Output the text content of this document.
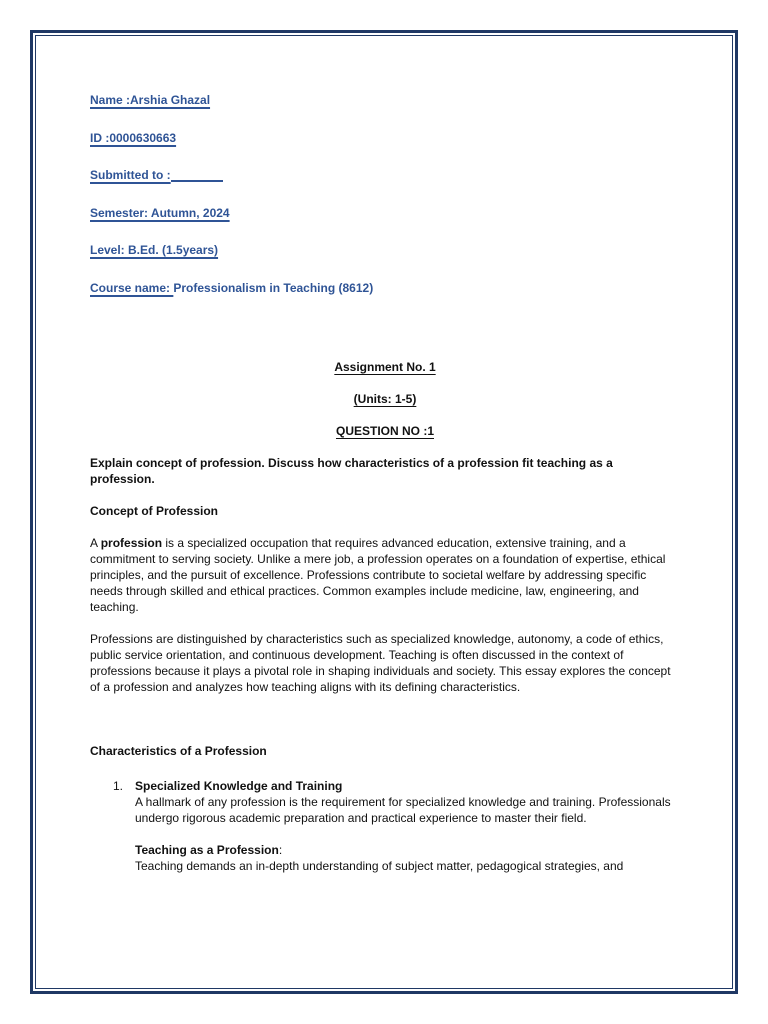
Name :Arshia Ghazal
ID :0000630663
Submitted to :
Semester: Autumn, 2024
Level: B.Ed. (1.5years)
Course name: Professionalism in Teaching (8612)
Assignment No. 1
(Units: 1-5)
QUESTION NO :1
Explain concept of profession. Discuss how characteristics of a profession fit teaching as a profession.
Concept of Profession

A profession is a specialized occupation that requires advanced education, extensive training, and a commitment to serving society. Unlike a mere job, a profession operates on a foundation of expertise, ethical principles, and the pursuit of excellence. Professions contribute to societal welfare by addressing specific needs through skilled and ethical practices. Common examples include medicine, law, engineering, and teaching.

Professions are distinguished by characteristics such as specialized knowledge, autonomy, a code of ethics, public service orientation, and continuous development. Teaching is often discussed in the context of professions because it plays a pivotal role in shaping individuals and society. This essay explores the concept of a profession and analyzes how teaching aligns with its defining characteristics.

Characteristics of a Profession
1. Specialized Knowledge and Training
A hallmark of any profession is the requirement for specialized knowledge and training. Professionals undergo rigorous academic preparation and practical experience to master their field.
Teaching as a Profession:
Teaching demands an in-depth understanding of subject matter, pedagogical strategies, and
